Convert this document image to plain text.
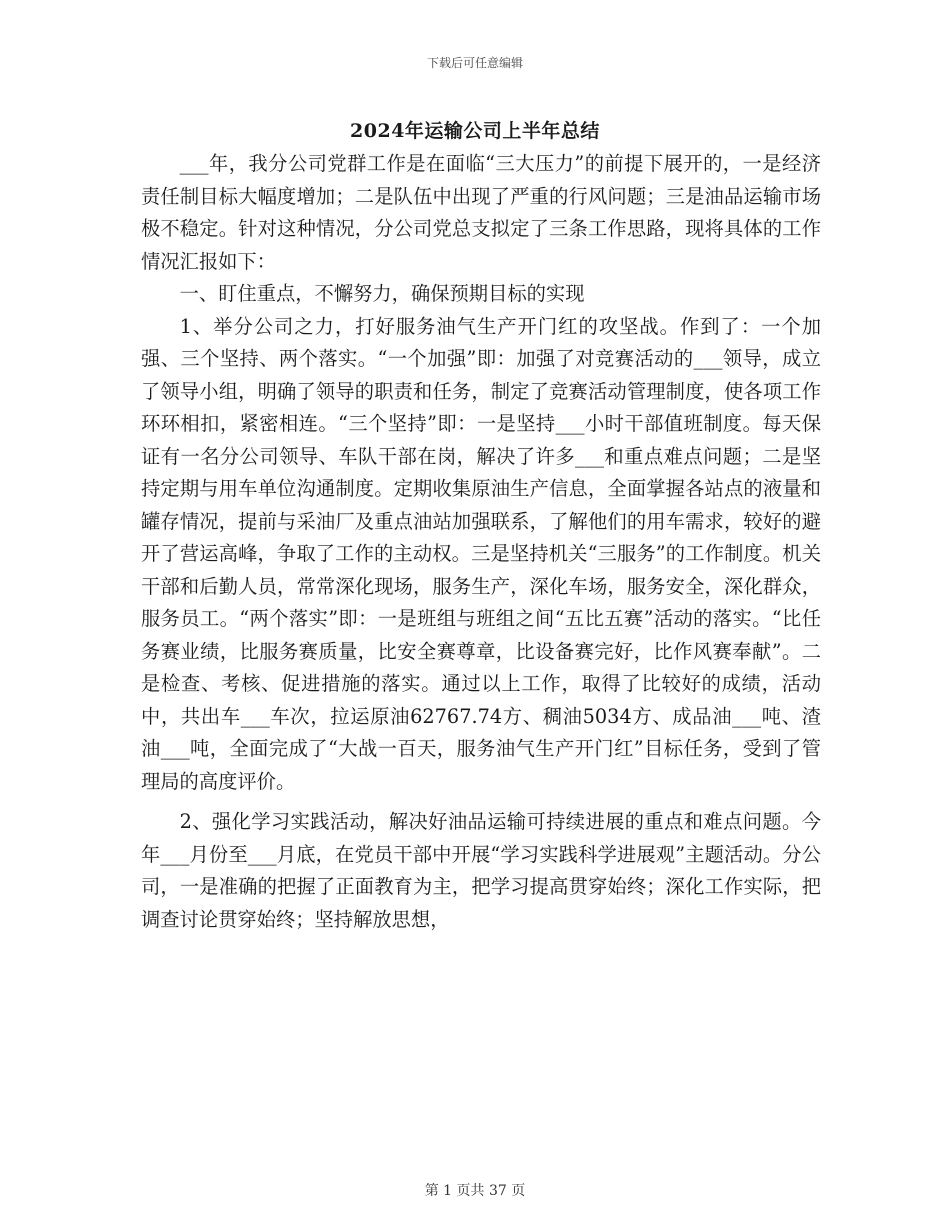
下载后可任意编辑
2024年运输公司上半年总结

___年，我分公司党群工作是在面临“三大压力”的前提下展开的，一是经济责任制目标大幅度增加；二是队伍中出现了严重的行风问题；三是油品运输市场极不稳定。针对这种情况，分公司党总支拟定了三条工作思路，现将具体的工作情况汇报如下：

一、盯住重点，不懈努力，确保预期目标的实现

1、举分公司之力，打好服务油气生产开门红的攻坚战。作到了：一个加强、三个坚持、两个落实。“一个加强”即：加强了对竞赛活动的___领导，成立了领导小组，明确了领导的职责和任务，制定了竞赛活动管理制度，使各项工作环环相扣，紧密相连。“三个坚持”即：一是坚持___小时干部值班制度。每天保证有一名分公司领导、车队干部在岗，解决了许多___和重点难点问题；二是坚持定期与用车单位沟通制度。定期收集原油生产信息，全面掌握各站点的液量和罐存情况，提前与采油厂及重点油站加强联系，了解他们的用车需求，较好的避开了营运高峰，争取了工作的主动权。三是坚持机关“三服务”的工作制度。机关干部和后勤人员，常常深化现场，服务生产，深化车场，服务安全，深化群众，服务员工。“两个落实”即：一是班组与班组之间“五比五赛”活动的落实。“比任务赛业绩，比服务赛质量，比安全赛尊章，比设备赛完好，比作风赛奉献”。二是检查、考核、促进措施的落实。通过以上工作，取得了比较好的成绩，活动中，共出车___车次，拉运原油62767.74方、稠油5034方、成品油___吨、渣油___吨，全面完成了“大战一百天，服务油气生产开门红”目标任务，受到了管理局的高度评价。

2、强化学习实践活动，解决好油品运输可持续进展的重点和难点问题。今年___月份至___月底，在党员干部中开展“学习实践科学进展观”主题活动。分公司，一是准确的把握了正面教育为主，把学习提高贯穿始终；深化工作实际，把调查讨论贯穿始终；坚持解放思想，

第 1 页共 37 页
